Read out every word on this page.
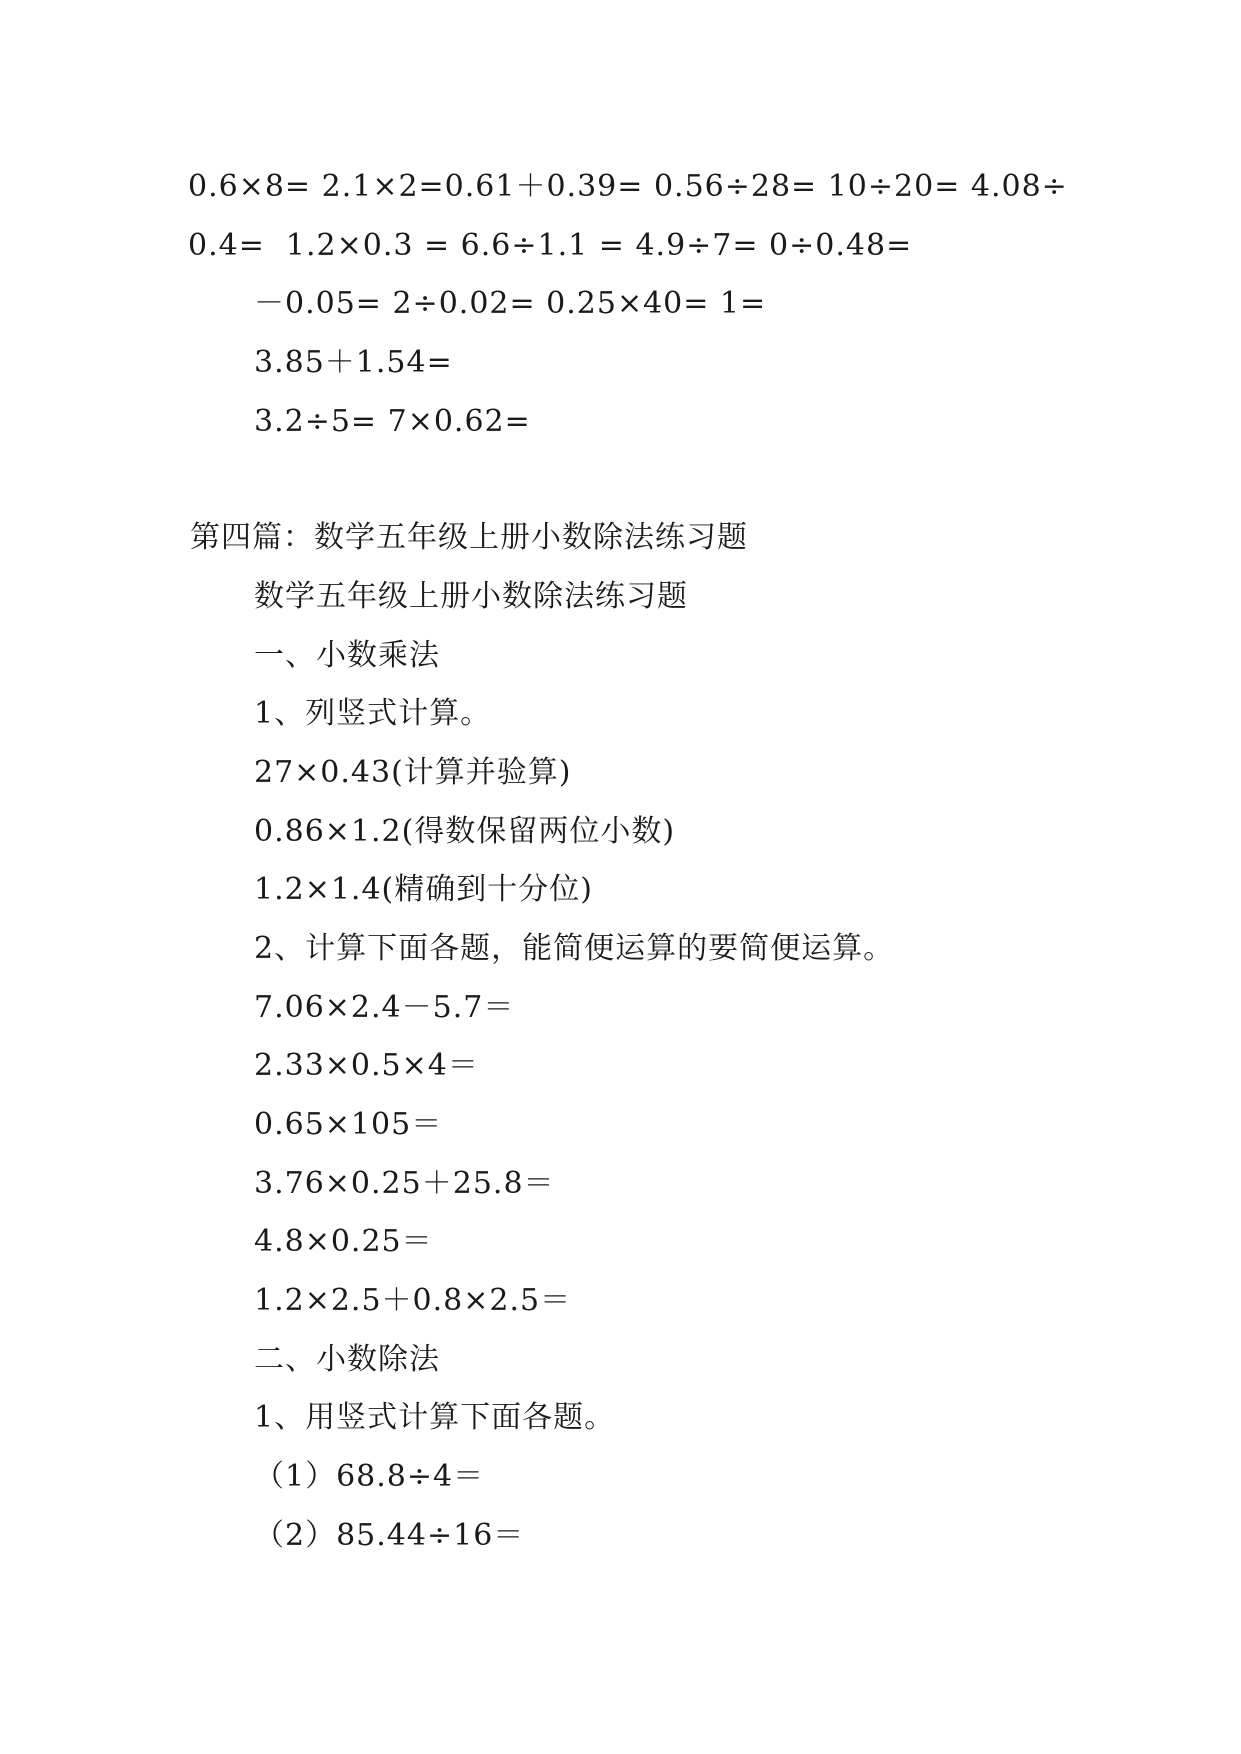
0.6×8= 2.1×2=0.61＋0.39= 0.56÷28= 10÷20= 4.08÷
0.4=  1.2×0.3 = 6.6÷1.1 = 4.9÷7= 0÷0.48=
－0.05= 2÷0.02= 0.25×40= 1=
3.85＋1.54=
3.2÷5= 7×0.62=
第四篇：数学五年级上册小数除法练习题
数学五年级上册小数除法练习题
一、小数乘法
1、列竖式计算。
27×0.43(计算并验算)
0.86×1.2(得数保留两位小数)
1.2×1.4(精确到十分位)
2、计算下面各题，能简便运算的要简便运算。
7.06×2.4－5.7＝
2.33×0.5×4＝
0.65×105＝
3.76×0.25＋25.8＝
4.8×0.25＝
1.2×2.5＋0.8×2.5＝
二、小数除法
1、用竖式计算下面各题。
（1）68.8÷4＝
（2）85.44÷16＝
